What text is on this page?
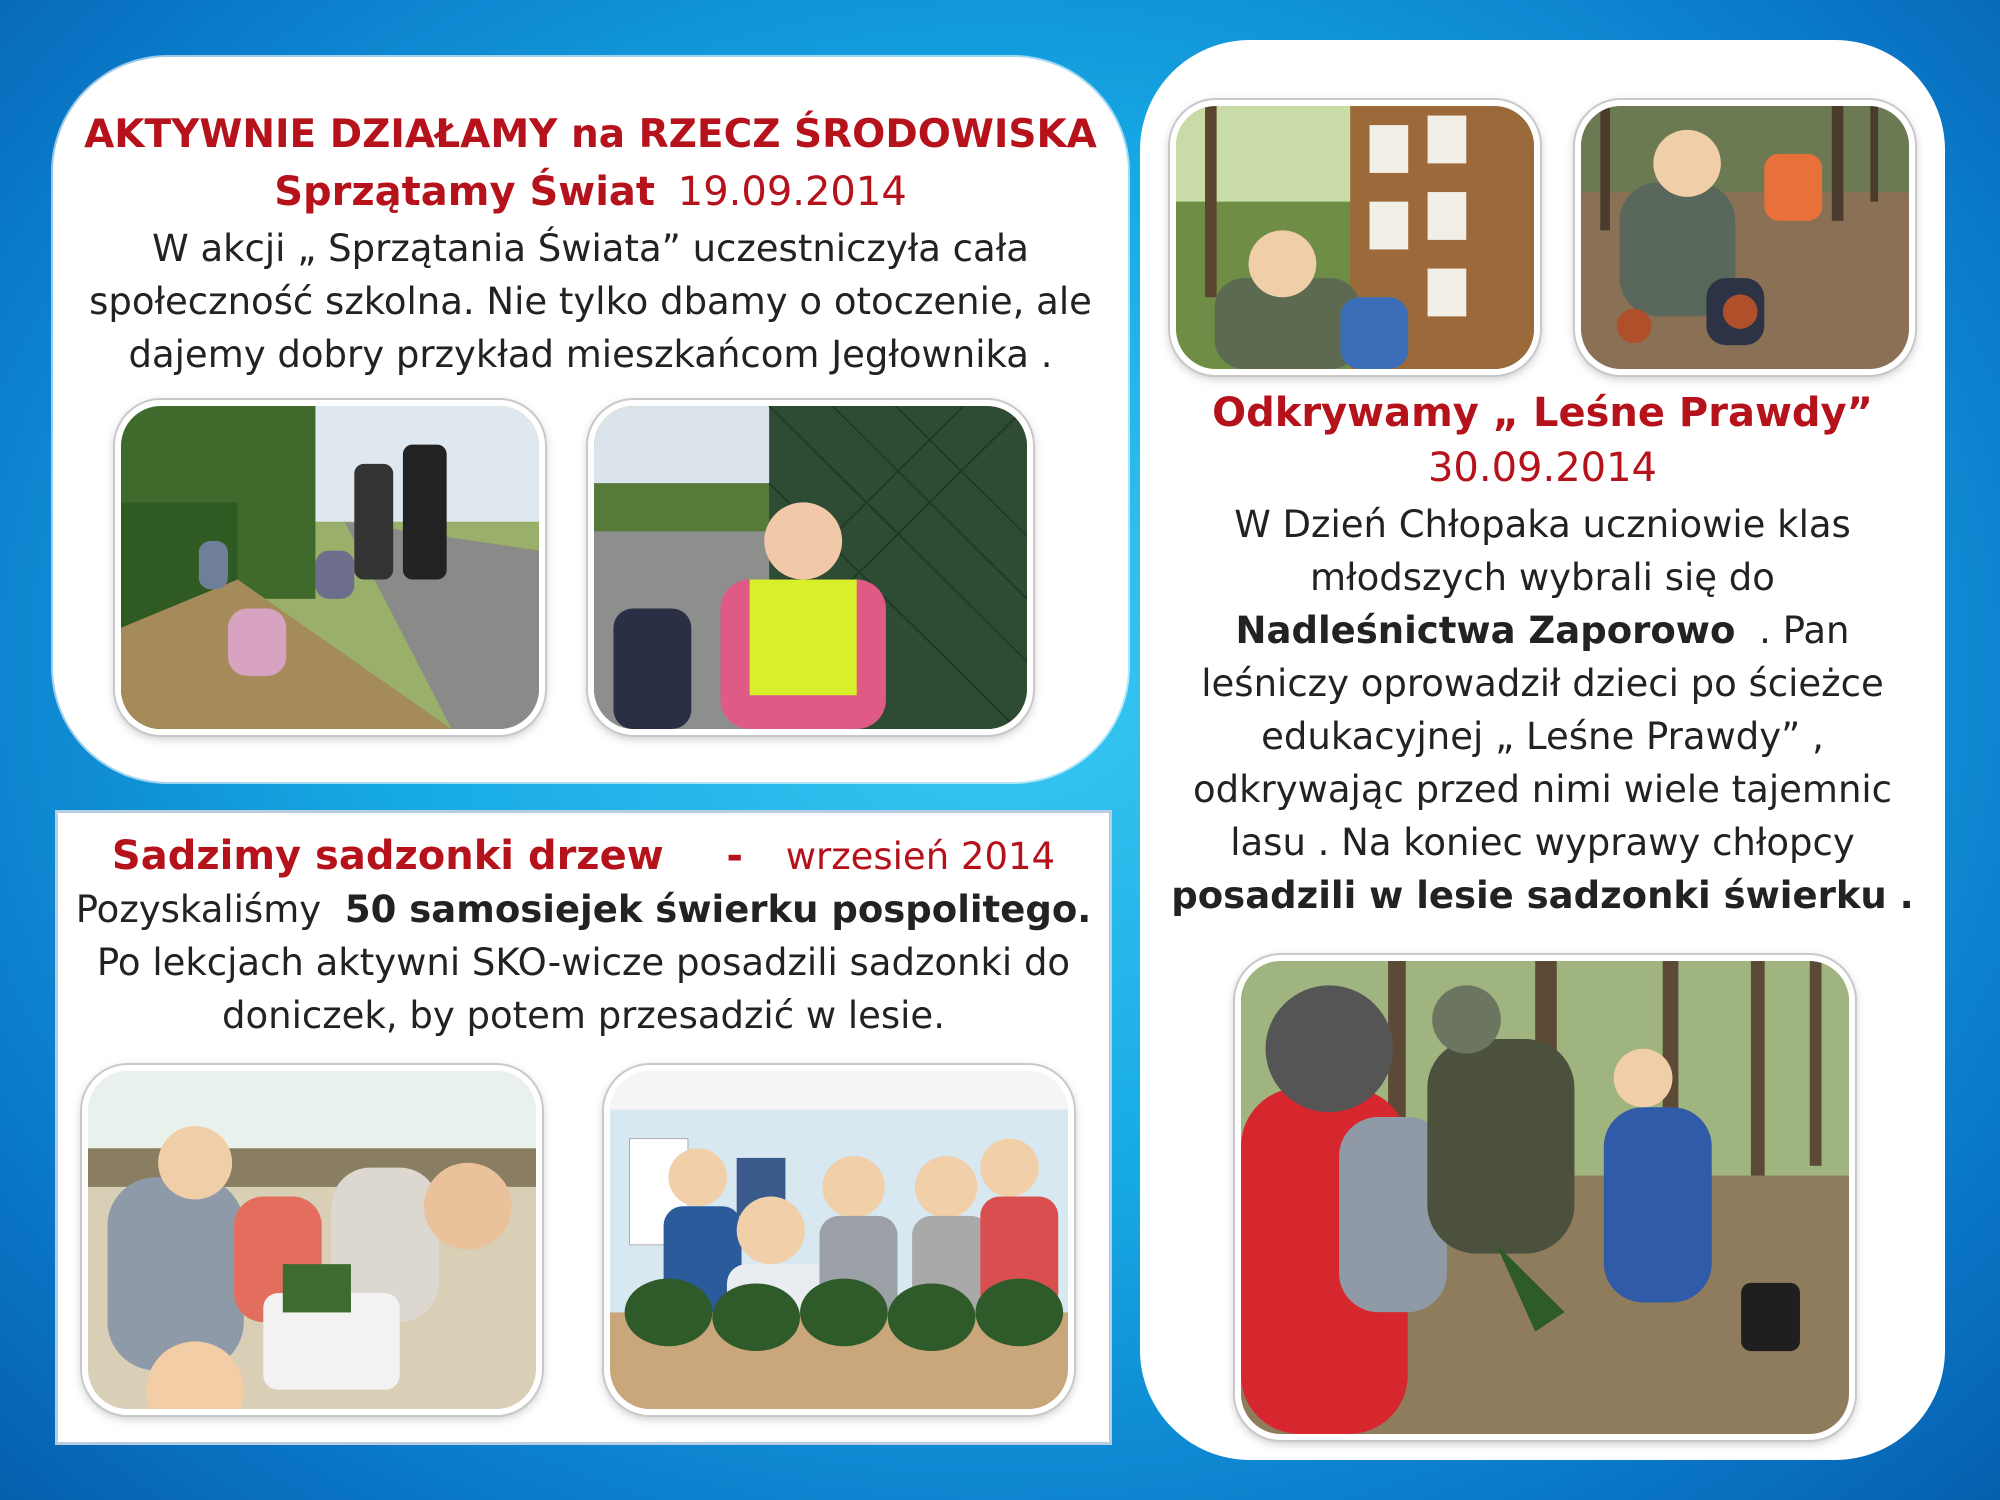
AKTYWNIE DZIAŁAMY na RZECZ ŚRODOWISKA
Sprzątamy Świat 19.09.2014
W akcji „ Sprzątania Świata” uczestniczyła cała
społeczność szkolna. Nie tylko dbamy o otoczenie, ale
dajemy dobry przykład mieszkańcom Jegłownika .
Sadzimy sadzonki drzew - wrzesień 2014
Pozyskaliśmy 50 samosiejek świerku pospolitego.
Po lekcjach aktywni SKO-wicze posadzili sadzonki do
doniczek, by potem przesadzić w lesie.
Odkrywamy „ Leśne Prawdy”
30.09.2014
W Dzień Chłopaka uczniowie klas
młodszych wybrali się do
Nadleśnictwa Zaporowo . Pan
leśniczy oprowadził dzieci po ścieżce
edukacyjnej „ Leśne Prawdy” ,
odkrywając przed nimi wiele tajemnic
lasu . Na koniec wyprawy chłopcy
posadzili w lesie sadzonki świerku .
